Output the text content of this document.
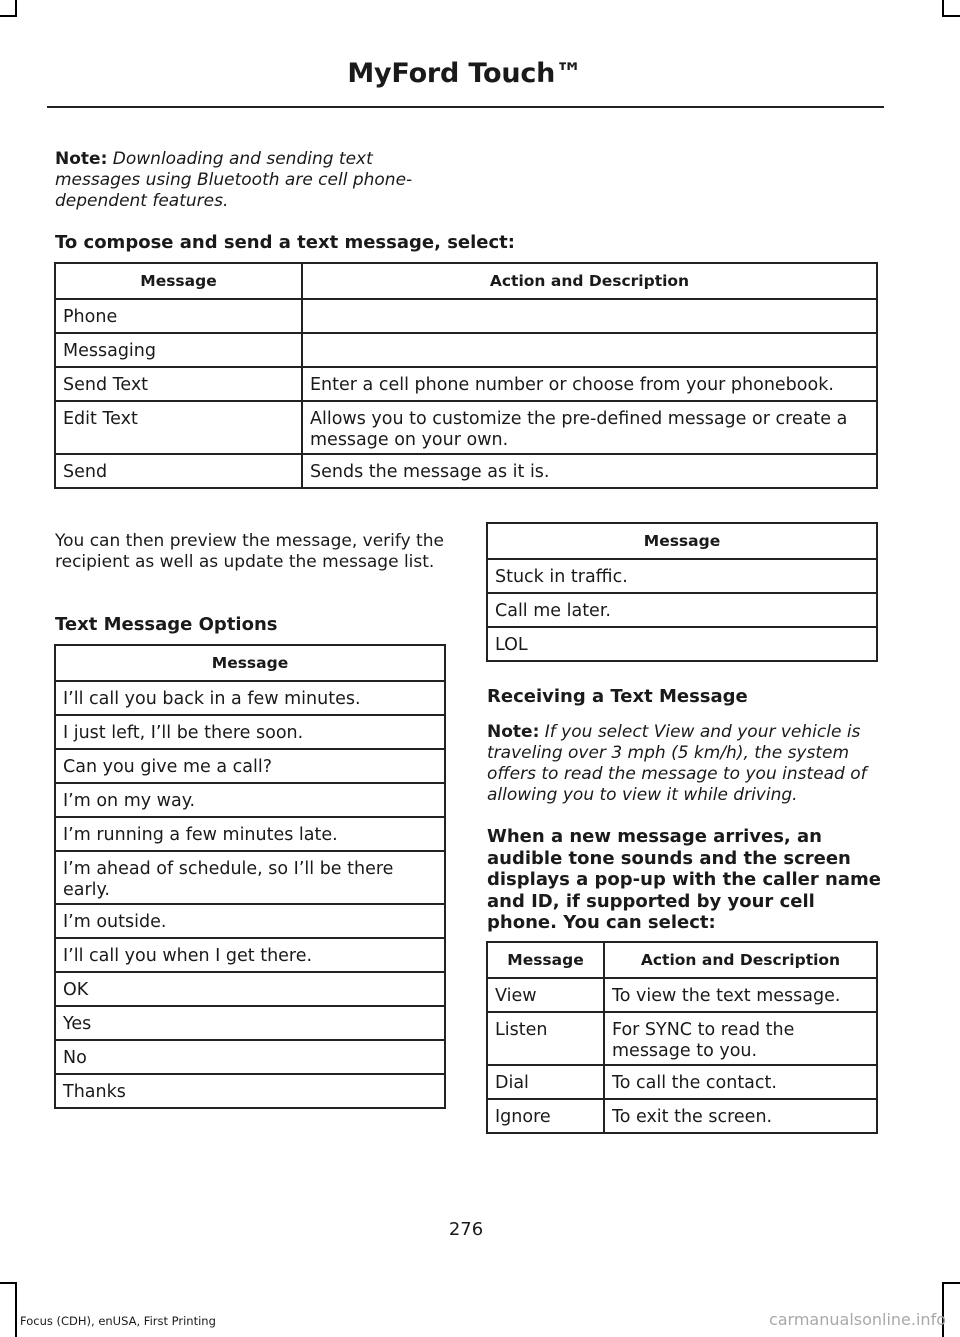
MyFord Touch™

Note: Downloading and sending text messages using Bluetooth are cell phone-dependent features.

To compose and send a text message, select:

Message	Action and Description
Phone	
Messaging	
Send Text	Enter a cell phone number or choose from your phonebook.
Edit Text	Allows you to customize the pre-defined message or create a message on your own.
Send	Sends the message as it is.

You can then preview the message, verify the recipient as well as update the message list.

Text Message Options

Message
I’ll call you back in a few minutes.
I just left, I’ll be there soon.
Can you give me a call?
I’m on my way.
I’m running a few minutes late.
I’m ahead of schedule, so I’ll be there early.
I’m outside.
I’ll call you when I get there.
OK
Yes
No
Thanks
Message
Stuck in traffic.
Call me later.
LOL

Receiving a Text Message

Note: If you select View and your vehicle is traveling over 3 mph (5 km/h), the system offers to read the message to you instead of allowing you to view it while driving.

When a new message arrives, an audible tone sounds and the screen displays a pop-up with the caller name and ID, if supported by your cell phone. You can select:

Message	Action and Description
View	To view the text message.
Listen	For SYNC to read the message to you.
Dial	To call the contact.
Ignore	To exit the screen.
276
Focus (CDH), enUSA, First Printing	carmanualsonline.info
